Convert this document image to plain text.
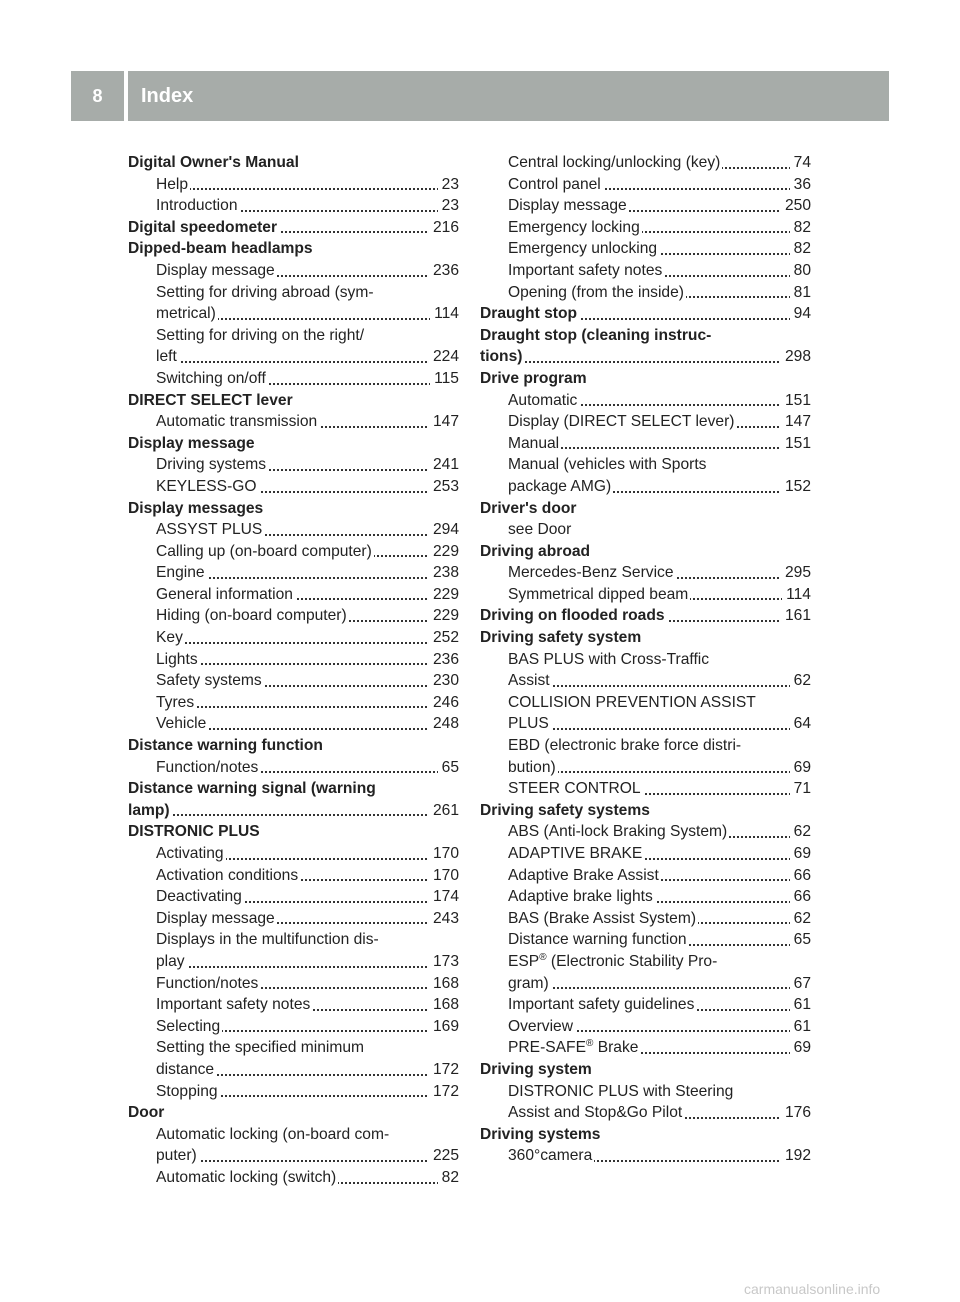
8	Index
Digital Owner's Manual
Help	23
Introduction	23
Digital speedometer	216
Dipped-beam headlamps
Display message	236
Setting for driving abroad (sym-
metrical)	114
Setting for driving on the right/
left	224
Switching on/off	115
DIRECT SELECT lever
Automatic transmission	147
Display message
Driving systems	241
KEYLESS-GO	253
Display messages
ASSYST PLUS	294
Calling up (on-board computer)	229
Engine	238
General information	229
Hiding (on-board computer)	229
Key	252
Lights	236
Safety systems	230
Tyres	246
Vehicle	248
Distance warning function
Function/notes	65
Distance warning signal (warning
lamp)	261
DISTRONIC PLUS
Activating	170
Activation conditions	170
Deactivating	174
Display message	243
Displays in the multifunction dis-
play	173
Function/notes	168
Important safety notes	168
Selecting	169
Setting the specified minimum
distance	172
Stopping	172
Door
Automatic locking (on-board com-
puter)	225
Automatic locking (switch)	82
Central locking/unlocking (key)	74
Control panel	36
Display message	250
Emergency locking	82
Emergency unlocking	82
Important safety notes	80
Opening (from the inside)	81
Draught stop	94
Draught stop (cleaning instruc-
tions)	298
Drive program
Automatic	151
Display (DIRECT SELECT lever)	147
Manual	151
Manual (vehicles with Sports
package AMG)	152
Driver's door
see Door
Driving abroad
Mercedes-Benz Service	295
Symmetrical dipped beam	114
Driving on flooded roads	161
Driving safety system
BAS PLUS with Cross-Traffic
Assist	62
COLLISION PREVENTION ASSIST
PLUS	64
EBD (electronic brake force distri-
bution)	69
STEER CONTROL	71
Driving safety systems
ABS (Anti-lock Braking System)	62
ADAPTIVE BRAKE	69
Adaptive Brake Assist	66
Adaptive brake lights	66
BAS (Brake Assist System)	62
Distance warning function	65
ESP® (Electronic Stability Pro-
gram)	67
Important safety guidelines	61
Overview	61
PRE-SAFE® Brake	69
Driving system
DISTRONIC PLUS with Steering
Assist and Stop&Go Pilot	176
Driving systems
360°camera	192
carmanualsonline.info
